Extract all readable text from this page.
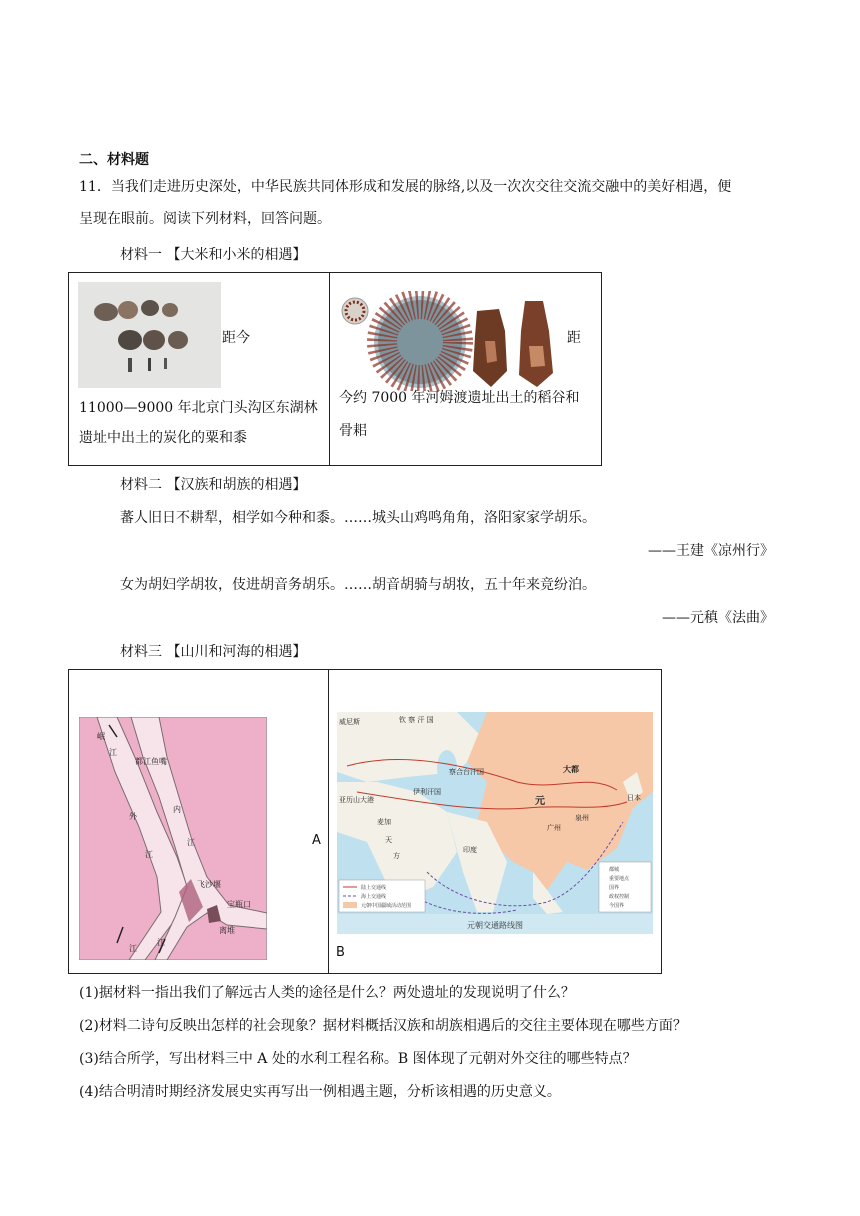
二、材料题
11．当我们走进历史深处，中华民族共同体形成和发展的脉络,以及一次次交往交流交融中的美好相遇，便
呈现在眼前。阅读下列材料，回答问题。
材料一 【大米和小米的相遇】
距今
11000—9000 年北京门头沟区东湖林
遗址中出土的炭化的粟和黍
距
今约 7000 年河姆渡遗址出土的稻谷和
骨耜
材料二 【汉族和胡族的相遇】
蕃人旧日不耕犁，相学如今种和黍。……城头山鸡鸣角角，洛阳家家学胡乐。
——王建《凉州行》
女为胡妇学胡妆，伎进胡音务胡乐。……胡音胡骑与胡妆，五十年来竞纷泊。
——元稹《法曲》
材料三 【山川和河海的相遇】
岷
江
都江鱼嘴
外
内
江
江
飞沙堰
宝瓶口
离堆
江
江
A
钦 察 汗 国
察合台汗国
伊利汗国
大都
元
威尼斯
亚历山大港
麦加
天
方
印度
日本
泉州
广州
陆上交通线
海上交通线
元朝中国疆域活动范围
都城
重要地点
国界
政权控制
今国界
元朝交通路线图
B
(1)据材料一指出我们了解远古人类的途径是什么？两处遗址的发现说明了什么？
(2)材料二诗句反映出怎样的社会现象？据材料概括汉族和胡族相遇后的交往主要体现在哪些方面？
(3)结合所学，写出材料三中 A 处的水利工程名称。B 图体现了元朝对外交往的哪些特点？
(4)结合明清时期经济发展史实再写出一例相遇主题，分析该相遇的历史意义。
